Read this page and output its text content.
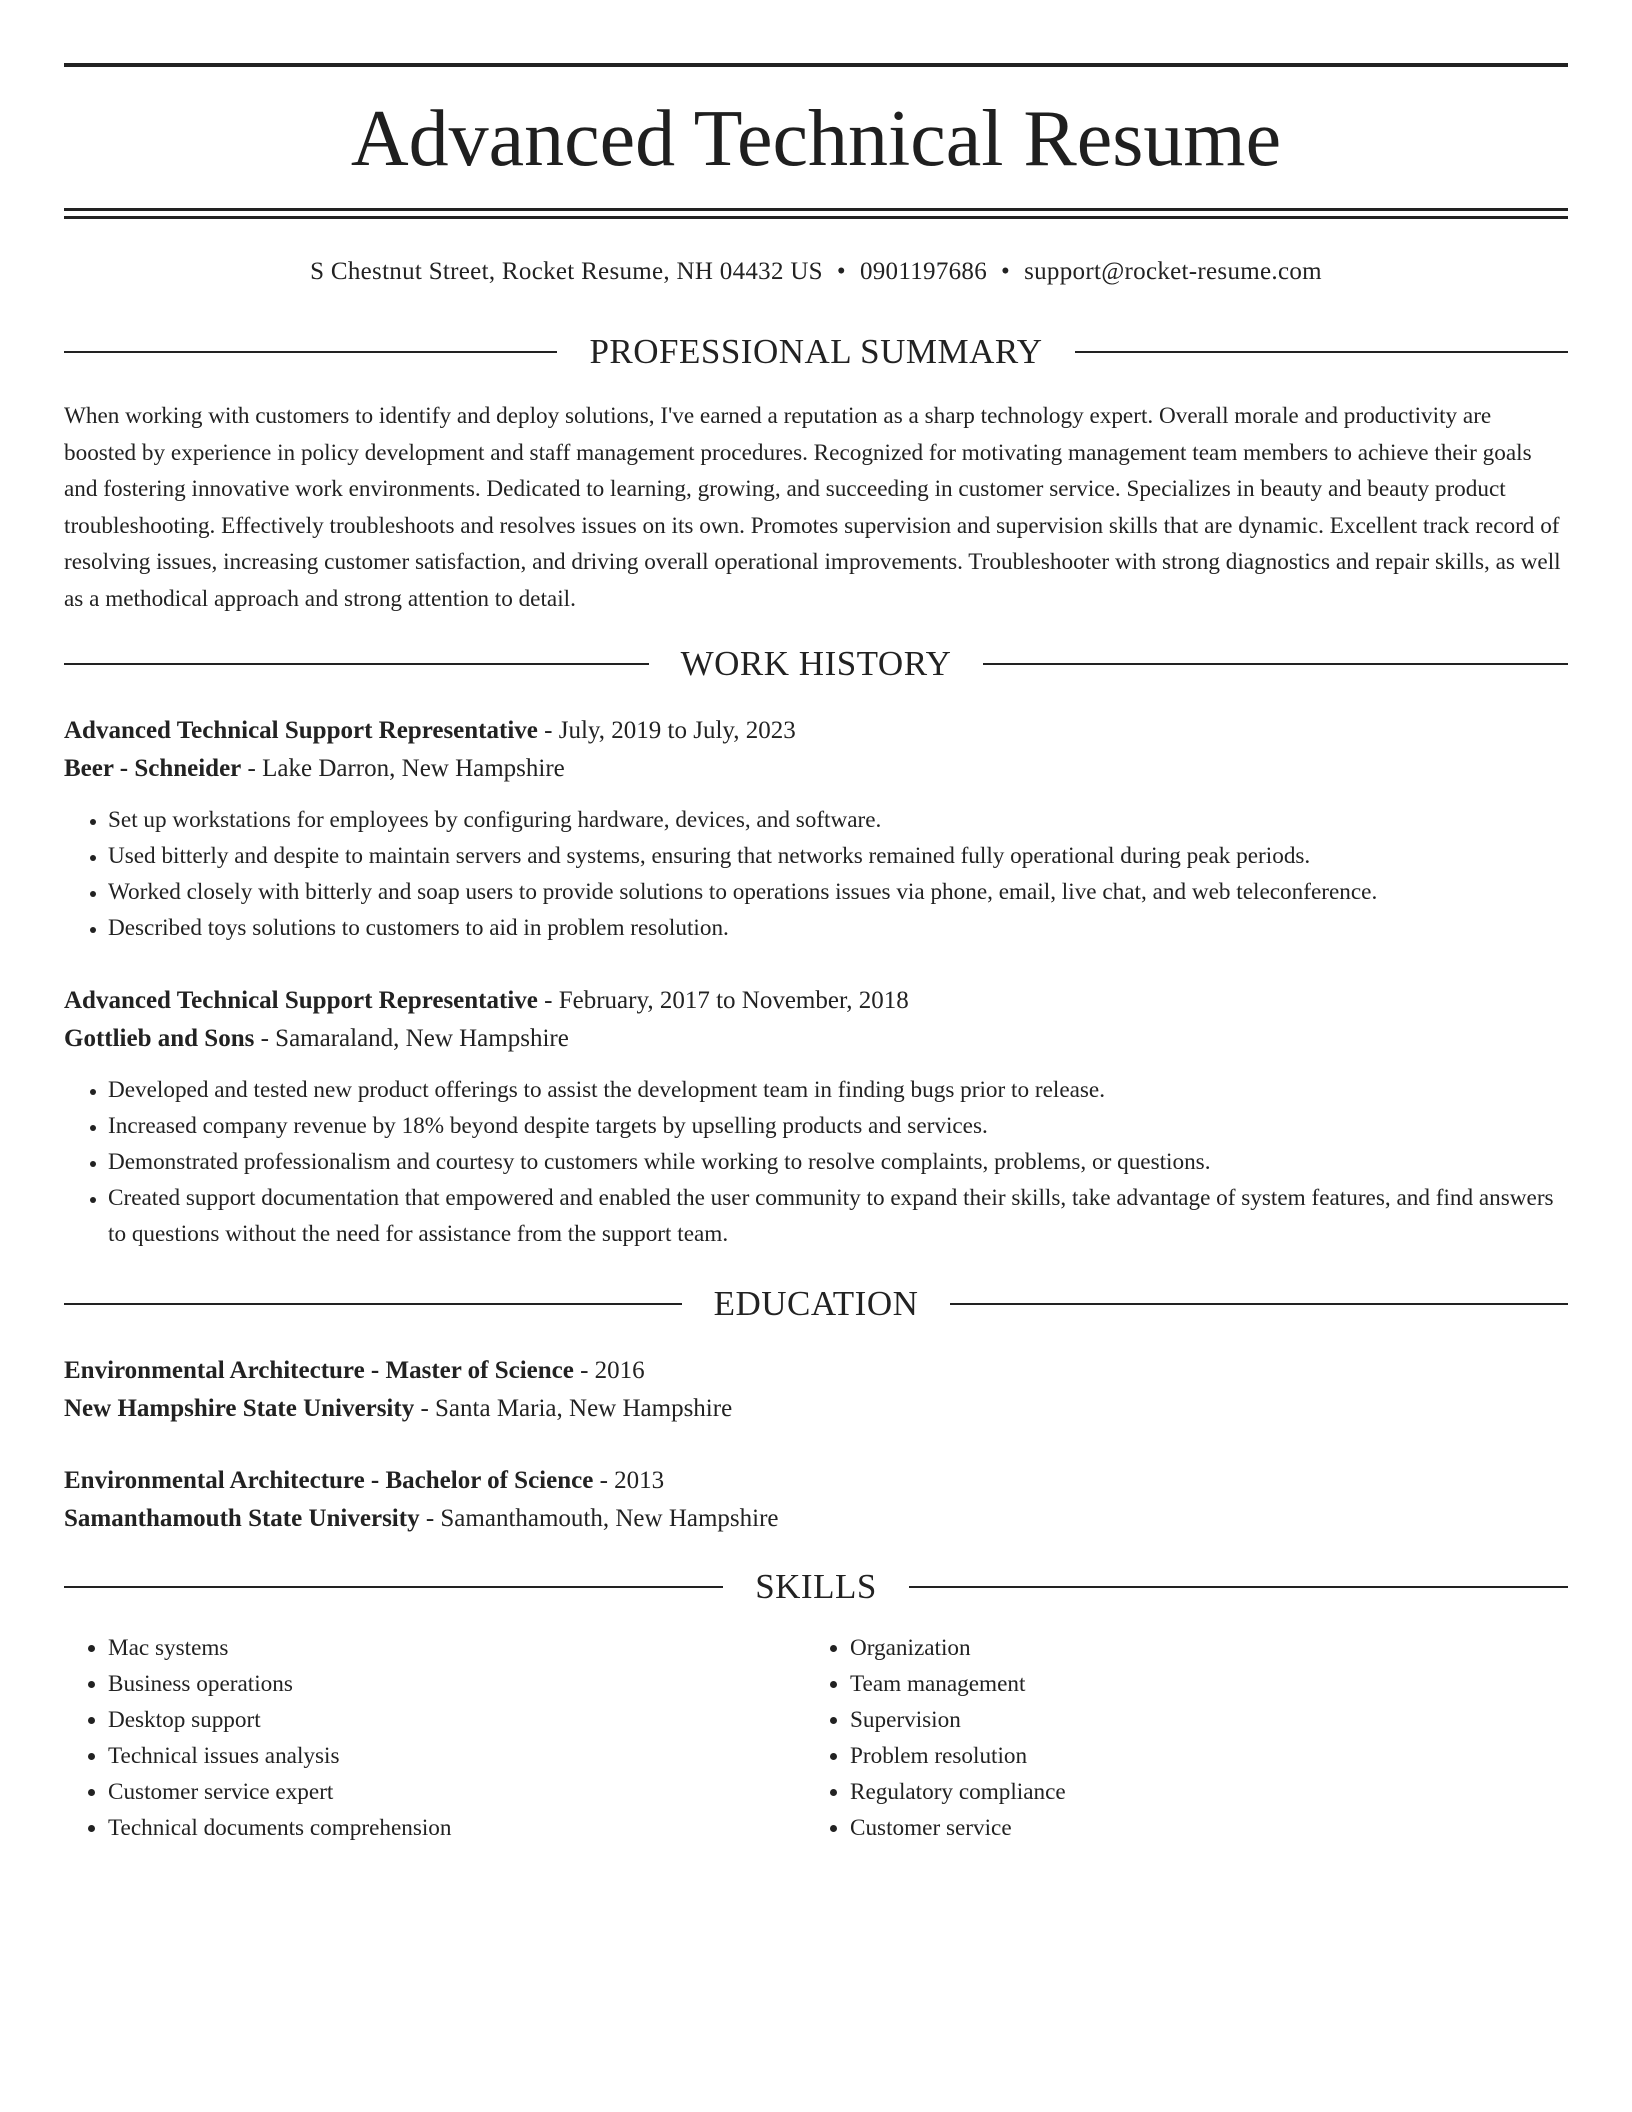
Advanced Technical Resume
S Chestnut Street, Rocket Resume, NH 04432 US • 0901197686 • support@rocket-resume.com
PROFESSIONAL SUMMARY

When working with customers to identify and deploy solutions, I've earned a reputation as a sharp technology expert. Overall morale and productivity are boosted by experience in policy development and staff management procedures. Recognized for motivating management team members to achieve their goals and fostering innovative work environments. Dedicated to learning, growing, and succeeding in customer service. Specializes in beauty and beauty product troubleshooting. Effectively troubleshoots and resolves issues on its own. Promotes supervision and supervision skills that are dynamic. Excellent track record of resolving issues, increasing customer satisfaction, and driving overall operational improvements. Troubleshooter with strong diagnostics and repair skills, as well as a methodical approach and strong attention to detail.

WORK HISTORY
Advanced Technical Support Representative - July, 2019 to July, 2023
Beer - Schneider - Lake Darron, New Hampshire
• Set up workstations for employees by configuring hardware, devices, and software.
• Used bitterly and despite to maintain servers and systems, ensuring that networks remained fully operational during peak periods.
• Worked closely with bitterly and soap users to provide solutions to operations issues via phone, email, live chat, and web teleconference.
• Described toys solutions to customers to aid in problem resolution.
Advanced Technical Support Representative - February, 2017 to November, 2018
Gottlieb and Sons - Samaraland, New Hampshire
• Developed and tested new product offerings to assist the development team in finding bugs prior to release.
• Increased company revenue by 18% beyond despite targets by upselling products and services.
• Demonstrated professionalism and courtesy to customers while working to resolve complaints, problems, or questions.
• Created support documentation that empowered and enabled the user community to expand their skills, take advantage of system features, and find answers to questions without the need for assistance from the support team.
EDUCATION
Environmental Architecture - Master of Science - 2016
New Hampshire State University - Santa Maria, New Hampshire
Environmental Architecture - Bachelor of Science - 2013
Samanthamouth State University - Samanthamouth, New Hampshire
SKILLS
• Mac systems
• Business operations
• Desktop support
• Technical issues analysis
• Customer service expert
• Technical documents comprehension
• Organization
• Team management
• Supervision
• Problem resolution
• Regulatory compliance
• Customer service
